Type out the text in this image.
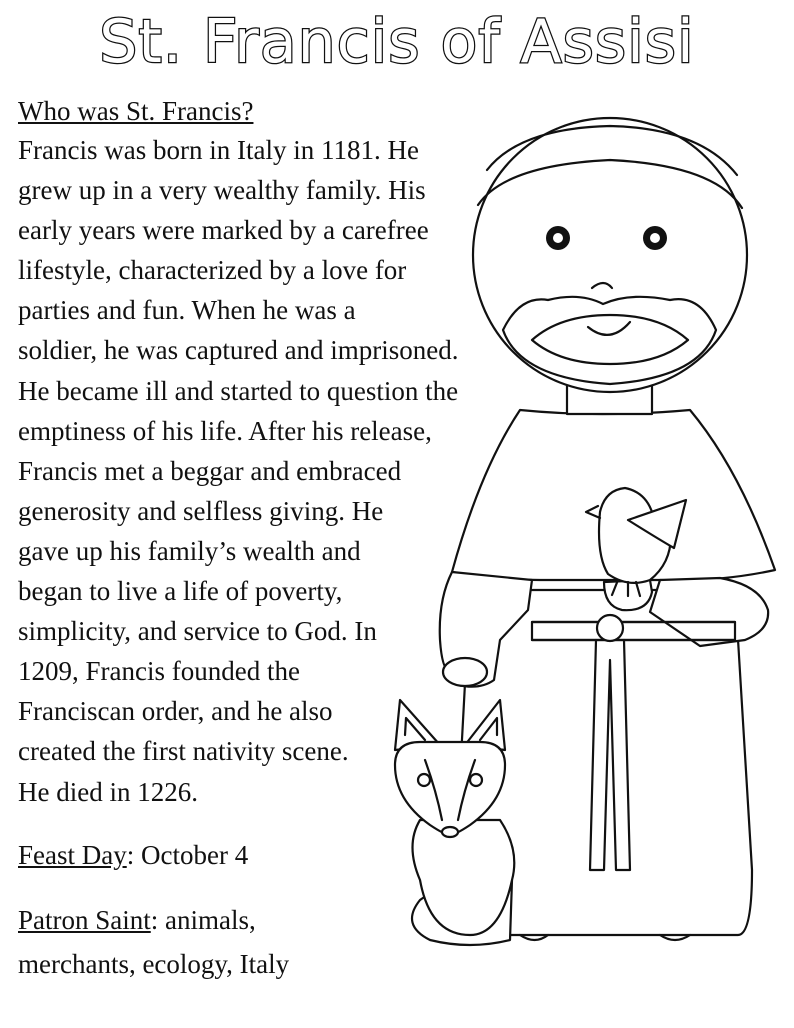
St. Francis of Assisi
Who was St. Francis?
Francis was born in Italy in 1181. He
grew up in a very wealthy family. His
early years were marked by a carefree
lifestyle, characterized by a love for
parties and fun. When he was a
soldier, he was captured and imprisoned.
He became ill and started to question the
emptiness of his life. After his release,
Francis met a beggar and embraced
generosity and selfless giving. He
gave up his family’s wealth and
began to live a life of poverty,
simplicity, and service to God. In
1209, Francis founded the
Franciscan order, and he also
created the first nativity scene.
He died in 1226.
Feast Day: October 4
Patron Saint: animals,
merchants, ecology, Italy
